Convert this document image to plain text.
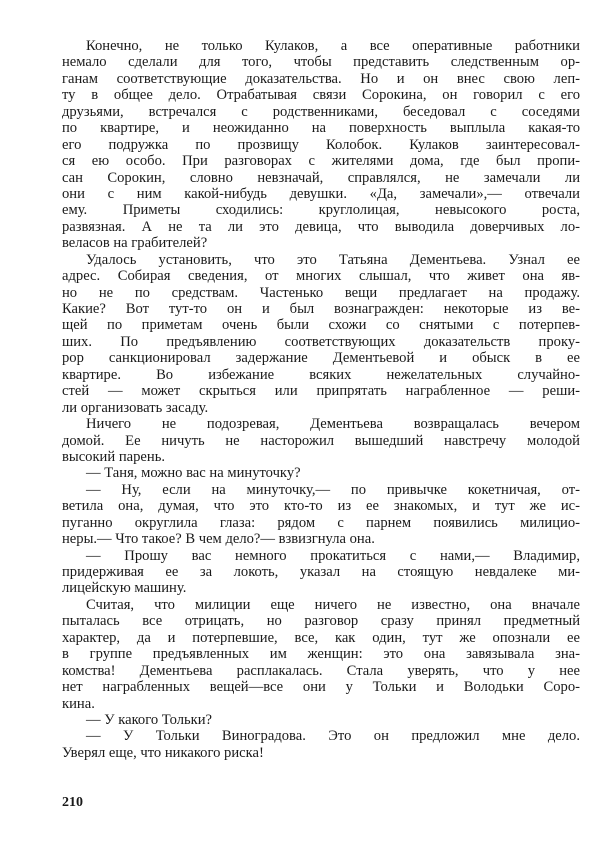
Конечно, не только Кулаков, а все оперативные работники
немало сделали для того, чтобы представить следственным ор-
ганам соответствующие доказательства. Но и он внес свою леп-
ту в общее дело. Отрабатывая связи Сорокина, он говорил с его
друзьями, встречался с родственниками, беседовал с соседями
по квартире, и неожиданно на поверхность выплыла какая-то
его подружка по прозвищу Колобок. Кулаков заинтересовал-
ся ею особо. При разговорах с жителями дома, где был пропи-
сан Сорокин, словно невзначай, справлялся, не замечали ли
они с ним какой-нибудь девушки. «Да, замечали»,— отвечали
ему. Приметы сходились: круглолицая, невысокого роста,
развязная. А не та ли это девица, что выводила доверчивых ло-
веласов на грабителей?
Удалось установить, что это Татьяна Дементьева. Узнал ее
адрес. Собирая сведения, от многих слышал, что живет она яв-
но не по средствам. Частенько вещи предлагает на продажу.
Какие? Вот тут-то он и был вознагражден: некоторые из ве-
щей по приметам очень были схожи со снятыми с потерпев-
ших. По предъявлению соответствующих доказательств проку-
рор санкционировал задержание Дементьевой и обыск в ее
квартире. Во избежание всяких нежелательных случайно-
стей — может скрыться или припрятать награбленное — реши-
ли организовать засаду.
Ничего не подозревая, Дементьева возвращалась вечером
домой. Ее ничуть не насторожил вышедший навстречу молодой
высокий парень.
— Таня, можно вас на минуточку?
— Ну, если на минуточку,— по привычке кокетничая, от-
ветила она, думая, что это кто-то из ее знакомых, и тут же ис-
пуганно округлила глаза: рядом с парнем появились милицио-
неры.— Что такое? В чем дело?— взвизгнула она.
— Прошу вас немного прокатиться с нами,— Владимир,
придерживая ее за локоть, указал на стоящую невдалеке ми-
лицейскую машину.
Считая, что милиции еще ничего не известно, она вначале
пыталась все отрицать, но разговор сразу принял предметный
характер, да и потерпевшие, все, как один, тут же опознали ее
в группе предъявленных им женщин: это она завязывала зна-
комства! Дементьева расплакалась. Стала уверять, что у нее
нет награбленных вещей—все они у Тольки и Володьки Соро-
кина.
— У какого Тольки?
— У Тольки Виноградова. Это он предложил мне дело.
Уверял еще, что никакого риска!
210
